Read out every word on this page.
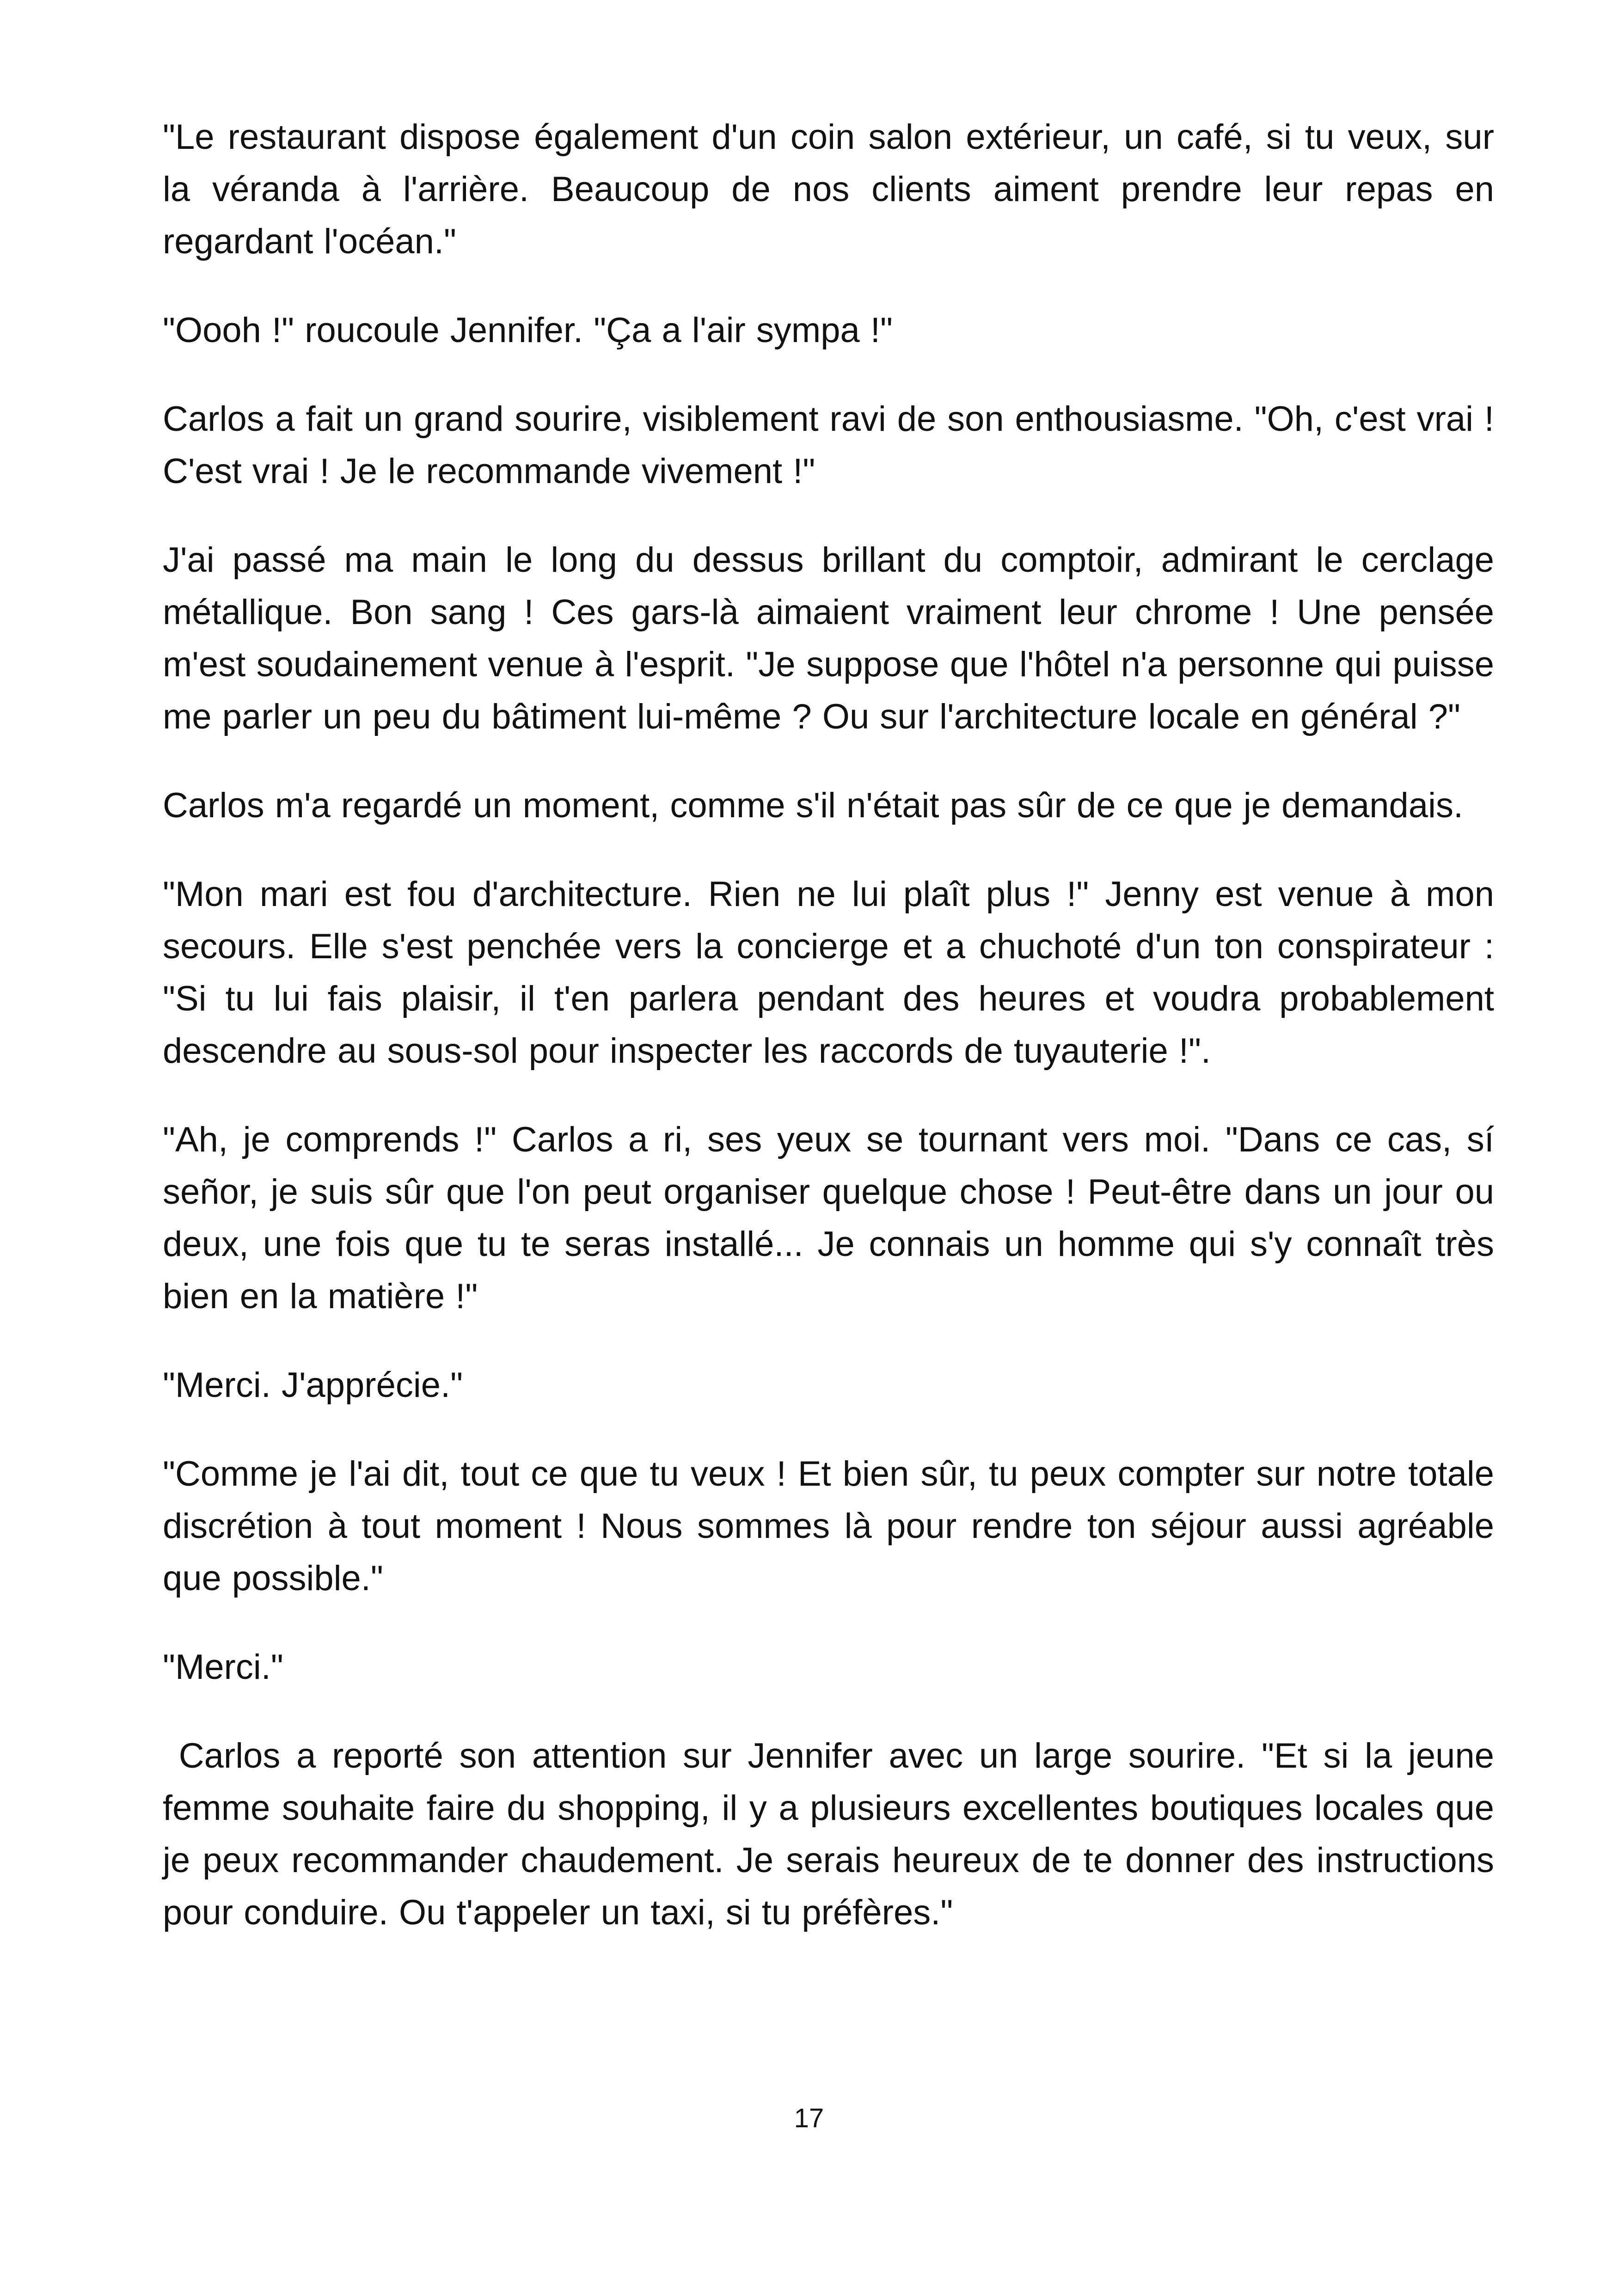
"Le restaurant dispose également d'un coin salon extérieur, un café, si tu veux, sur la véranda à l'arrière. Beaucoup de nos clients aiment prendre leur repas en regardant l'océan."

"Oooh !" roucoule Jennifer. "Ça a l'air sympa !"

Carlos a fait un grand sourire, visiblement ravi de son enthousiasme. "Oh, c'est vrai ! C'est vrai ! Je le recommande vivement !"

J'ai passé ma main le long du dessus brillant du comptoir, admirant le cerclage métallique. Bon sang ! Ces gars-là aimaient vraiment leur chrome ! Une pensée m'est soudainement venue à l'esprit. "Je suppose que l'hôtel n'a personne qui puisse me parler un peu du bâtiment lui-même ? Ou sur l'architecture locale en général ?"

Carlos m'a regardé un moment, comme s'il n'était pas sûr de ce que je demandais.

"Mon mari est fou d'architecture. Rien ne lui plaît plus !" Jenny est venue à mon secours. Elle s'est penchée vers la concierge et a chuchoté d'un ton conspirateur : "Si tu lui fais plaisir, il t'en parlera pendant des heures et voudra probablement descendre au sous-sol pour inspecter les raccords de tuyauterie !".

"Ah, je comprends !" Carlos a ri, ses yeux se tournant vers moi. "Dans ce cas, sí señor, je suis sûr que l'on peut organiser quelque chose ! Peut-être dans un jour ou deux, une fois que tu te seras installé... Je connais un homme qui s'y connaît très bien en la matière !"

"Merci. J'apprécie."

"Comme je l'ai dit, tout ce que tu veux ! Et bien sûr, tu peux compter sur notre totale discrétion à tout moment ! Nous sommes là pour rendre ton séjour aussi agréable que possible."

"Merci."

Carlos a reporté son attention sur Jennifer avec un large sourire. "Et si la jeune femme souhaite faire du shopping, il y a plusieurs excellentes boutiques locales que je peux recommander chaudement. Je serais heureux de te donner des instructions pour conduire. Ou t'appeler un taxi, si tu préfères."

17
